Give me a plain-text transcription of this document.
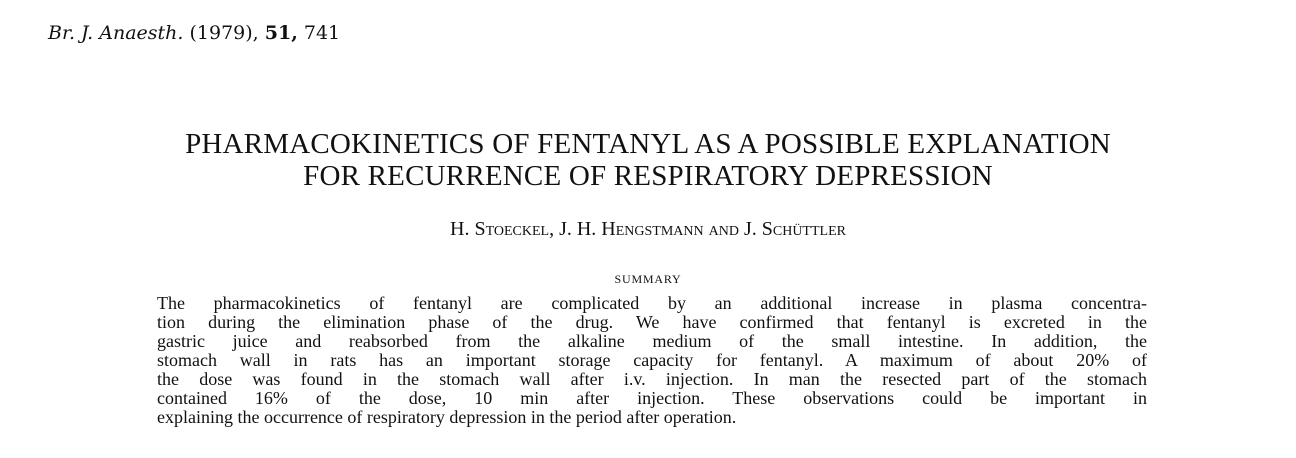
Br. J. Anaesth. (1979), 51, 741
PHARMACOKINETICS OF FENTANYL AS A POSSIBLE EXPLANATION
FOR RECURRENCE OF RESPIRATORY DEPRESSION
H. Stoeckel, J. H. Hengstmann and J. Schüttler
SUMMARY
The pharmacokinetics of fentanyl are complicated by an additional increase in plasma concentra-
tion during the elimination phase of the drug. We have confirmed that fentanyl is excreted in the
gastric juice and reabsorbed from the alkaline medium of the small intestine. In addition, the
stomach wall in rats has an important storage capacity for fentanyl. A maximum of about 20% of
the dose was found in the stomach wall after i.v. injection. In man the resected part of the stomach
contained 16% of the dose, 10 min after injection. These observations could be important in
explaining the occurrence of respiratory depression in the period after operation.
